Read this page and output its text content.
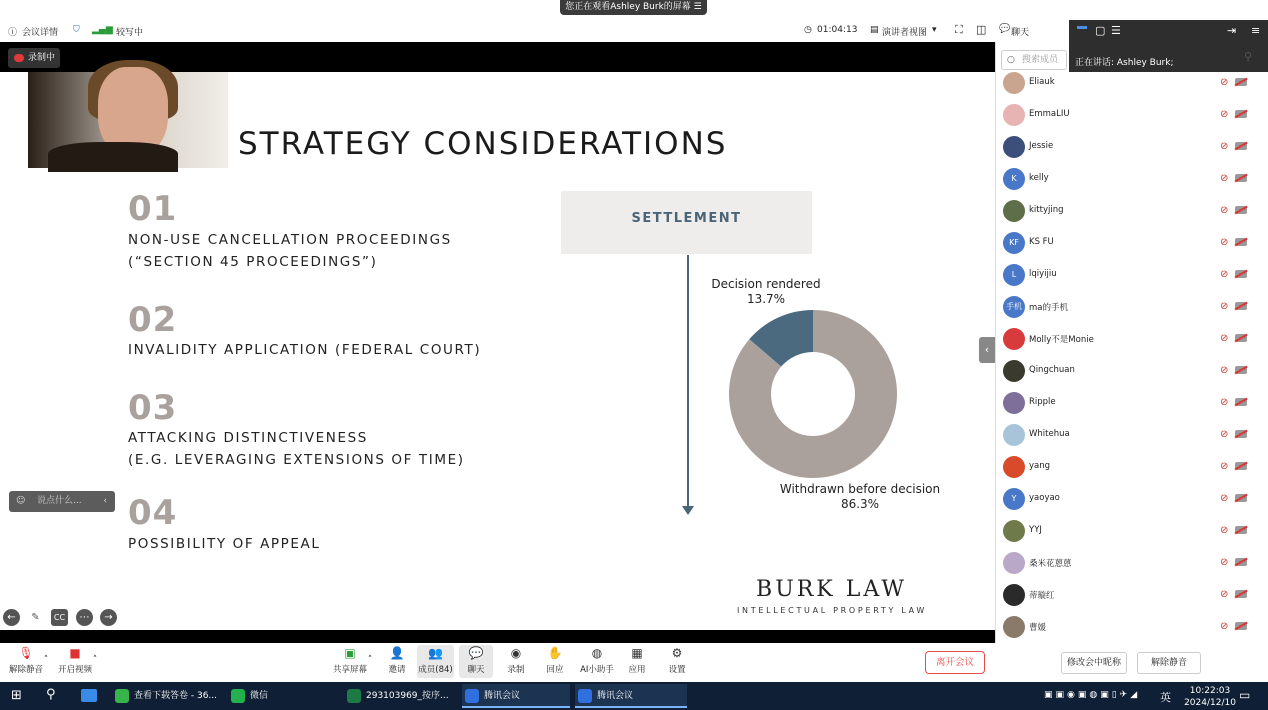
ⓘ 会议详情 ⛉ ▂▄▆ 较写中	◷ 01:04:13 ▤ 演讲者视图 ▾ ⛶ ◫
您正在观看Ashley Burk的屏幕 ☰
录制中
STRATEGY CONSIDERATIONS
01
NON-USE CANCELLATION PROCEEDINGS
(“SECTION 45 PROCEEDINGS”)
02
INVALIDITY APPLICATION (FEDERAL COURT)
03
ATTACKING DISTINCTIVENESS
(E.G. LEVERAGING EXTENSIONS OF TIME)
04
POSSIBILITY OF APPEAL
SETTLEMENT
Decision rendered
13.7%
Withdrawn before decision
86.3%
BURK LAW
INTELLECTUAL PROPERTY LAW
☺ 说点什么... ‹
←	✎	CC	⋯	→
‹
🎙
解除静音
˄ ■
开启视频
˄	▣
共享屏幕
˄ 👤
邀请
👥
成员(84)
💬
聊天
◉
录制
✋
回应
◍
AI小助手
▦
应用
⚙
设置
离开会议
💬 聊天	▢ ☰	⇥ ≡
正在讲话: Ashley Burk;
○ 搜索成员	⚲
Eliauk	⊘
EmmaLIU	⊘
Jessie	⊘
K	kelly	⊘
kittyjing	⊘
KF	KS FU	⊘
L	lqiyijiu	⊘
手机 ma的手机	⊘
Molly不是Monie	⊘
Qingchuan	⊘
Ripple	⊘
Whitehua	⊘
yang	⊘
Y	yaoyao	⊘
YYJ	⊘
桑米花蒽蒽	⊘
蒂璇红	⊘
曹媛	⊘
修改会中昵称	解除静音
⊞ ⚲	查看下载答卷 - 36...	微信	293103969_按序...	腾讯会议	腾讯会议	▣▣◉▣◍▣▯✈◢ 英	▭
10:22:03
2024/12/10
